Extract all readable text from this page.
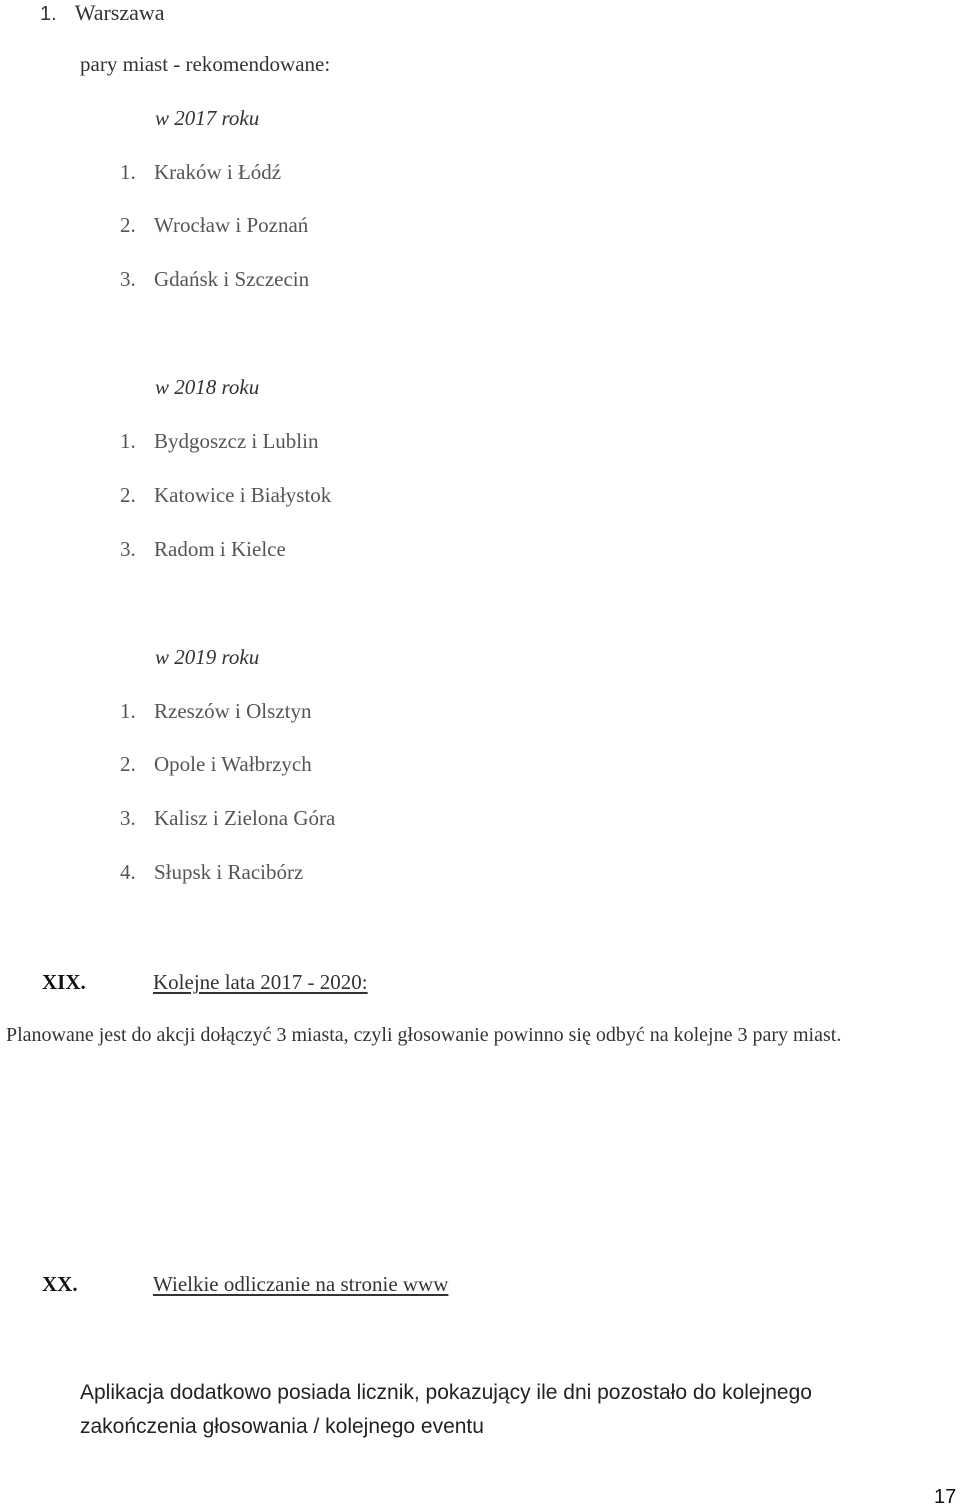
1. Warszawa
pary miast - rekomendowane:
w 2017 roku
1. Kraków i Łódź
2. Wrocław i Poznań
3. Gdańsk i Szczecin
w 2018 roku
1. Bydgoszcz i Lublin
2. Katowice i Białystok
3. Radom i Kielce
w 2019 roku
1. Rzeszów i Olsztyn
2. Opole i Wałbrzych
3. Kalisz i Zielona Góra
4. Słupsk i Racibórz
XIX.	Kolejne lata 2017 - 2020:
Planowane jest do akcji dołączyć 3 miasta, czyli głosowanie powinno się odbyć na kolejne 3 pary miast.
XX.	Wielkie odliczanie na stronie www
Aplikacja dodatkowo posiada licznik, pokazujący ile dni pozostało do kolejnego zakończenia głosowania / kolejnego eventu
17
